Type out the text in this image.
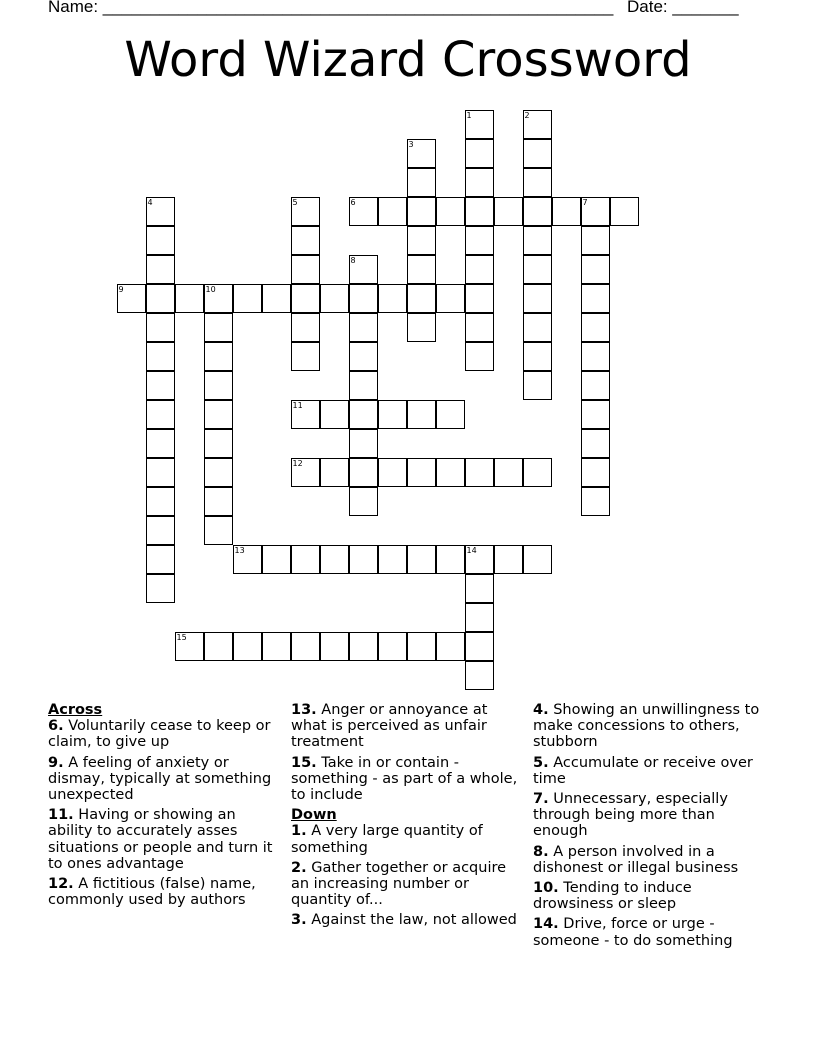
Name: ______________________________________________________ Date: _______
Word Wizard Crossword
1	2
3
4	5	6	7
8
9	10
11
12
13	14
15
Across
6. Voluntarily cease to keep or claim, to give up
9. A feeling of anxiety or dismay, typically at something unexpected
11. Having or showing an ability to accurately asses situations or people and turn it to ones advantage
12. A fictitious (false) name, commonly used by authors
13. Anger or annoyance at what is perceived as unfair treatment
15. Take in or contain - something - as part of a whole, to include
Down
1. A very large quantity of something
2. Gather together or acquire an increasing number or quantity of...
3. Against the law, not allowed
4. Showing an unwillingness to make concessions to others, stubborn
5. Accumulate or receive over time
7. Unnecessary, especially through being more than enough
8. A person involved in a dishonest or illegal business
10. Tending to induce drowsiness or sleep
14. Drive, force or urge - someone - to do something
